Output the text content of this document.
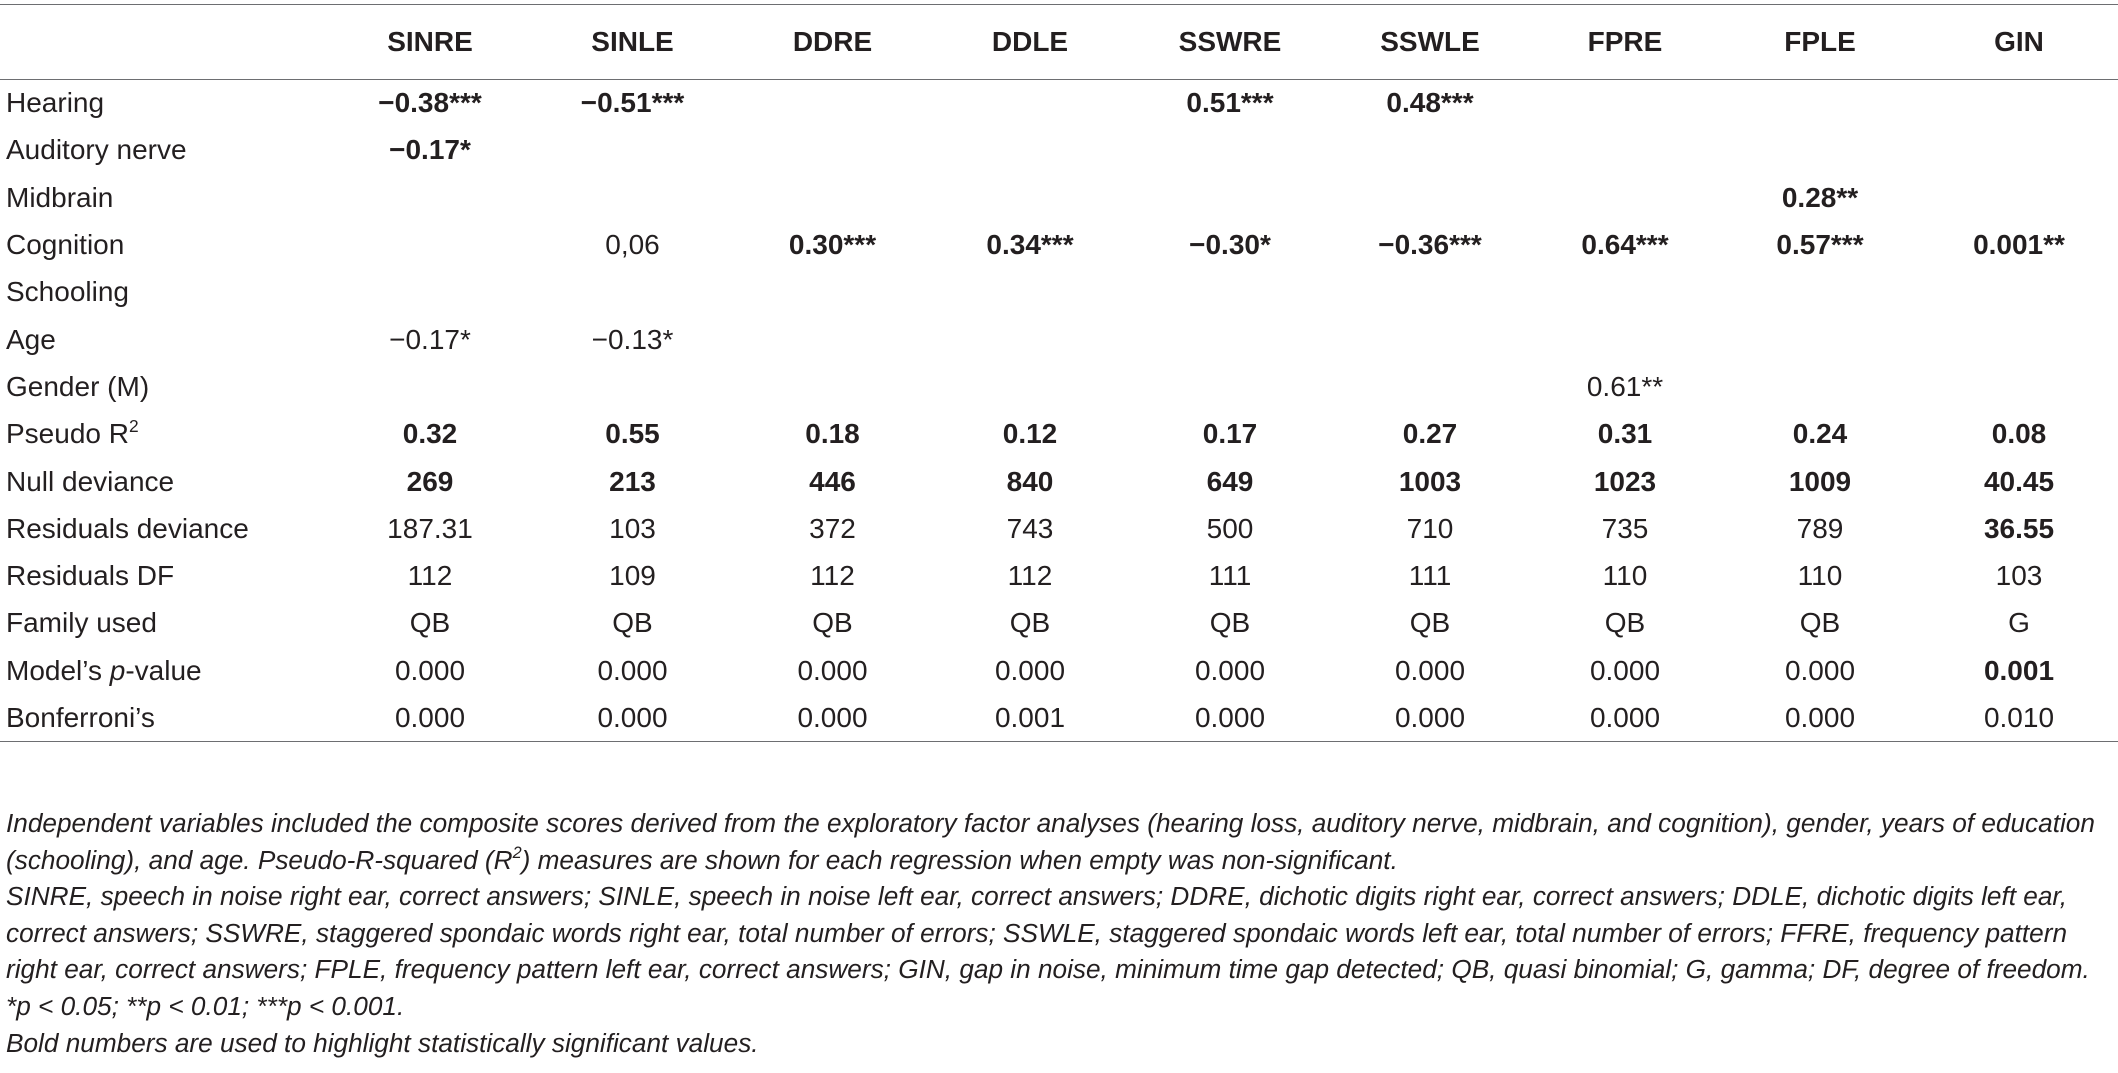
	SINRE	SINLE	DDRE	DDLE	SSWRE	SSWLE	FPRE	FPLE	GIN
Hearing	−0.38***	−0.51***			0.51***	0.48***			
Auditory nerve	−0.17*								
Midbrain								0.28**	
Cognition		0,06	0.30***	0.34***	−0.30*	−0.36***	0.64***	0.57***	0.001**
Schooling									
Age	−0.17*	−0.13*							
Gender (M)							0.61**		
Pseudo $R^2$	0.32	0.55	0.18	0.12	0.17	0.27	0.31	0.24	0.08
Null deviance	269	213	446	840	649	1003	1023	1009	40.45
Residuals deviance	187.31	103	372	743	500	710	735	789	36.55
Residuals DF	112	109	112	112	111	111	110	110	103
Family used	QB	QB	QB	QB	QB	QB	QB	QB	G
Model’s p-value	0.000	0.000	0.000	0.000	0.000	0.000	0.000	0.000	0.001
Bonferroni’s	0.000	0.000	0.000	0.001	0.000	0.000	0.000	0.000	0.010

Independent variables included the composite scores derived from the exploratory factor analyses (hearing loss, auditory nerve, midbrain, and cognition), gender, years of education (schooling), and age. Pseudo-R-squared $(R^2)$ measures are shown for each regression when empty was non-significant.

SINRE, speech in noise right ear, correct answers; SINLE, speech in noise left ear, correct answers; DDRE, dichotic digits right ear, correct answers; DDLE, dichotic digits left ear, correct answers; SSWRE, staggered spondaic words right ear, total number of errors; SSWLE, staggered spondaic words left ear, total number of errors; FFRE, frequency pattern right ear, correct answers; FPLE, frequency pattern left ear, correct answers; GIN, gap in noise, minimum time gap detected; QB, quasi binomial; G, gamma; DF, degree of freedom.

*p < 0.05; **p < 0.01; ***p < 0.001.

Bold numbers are used to highlight statistically significant values.
